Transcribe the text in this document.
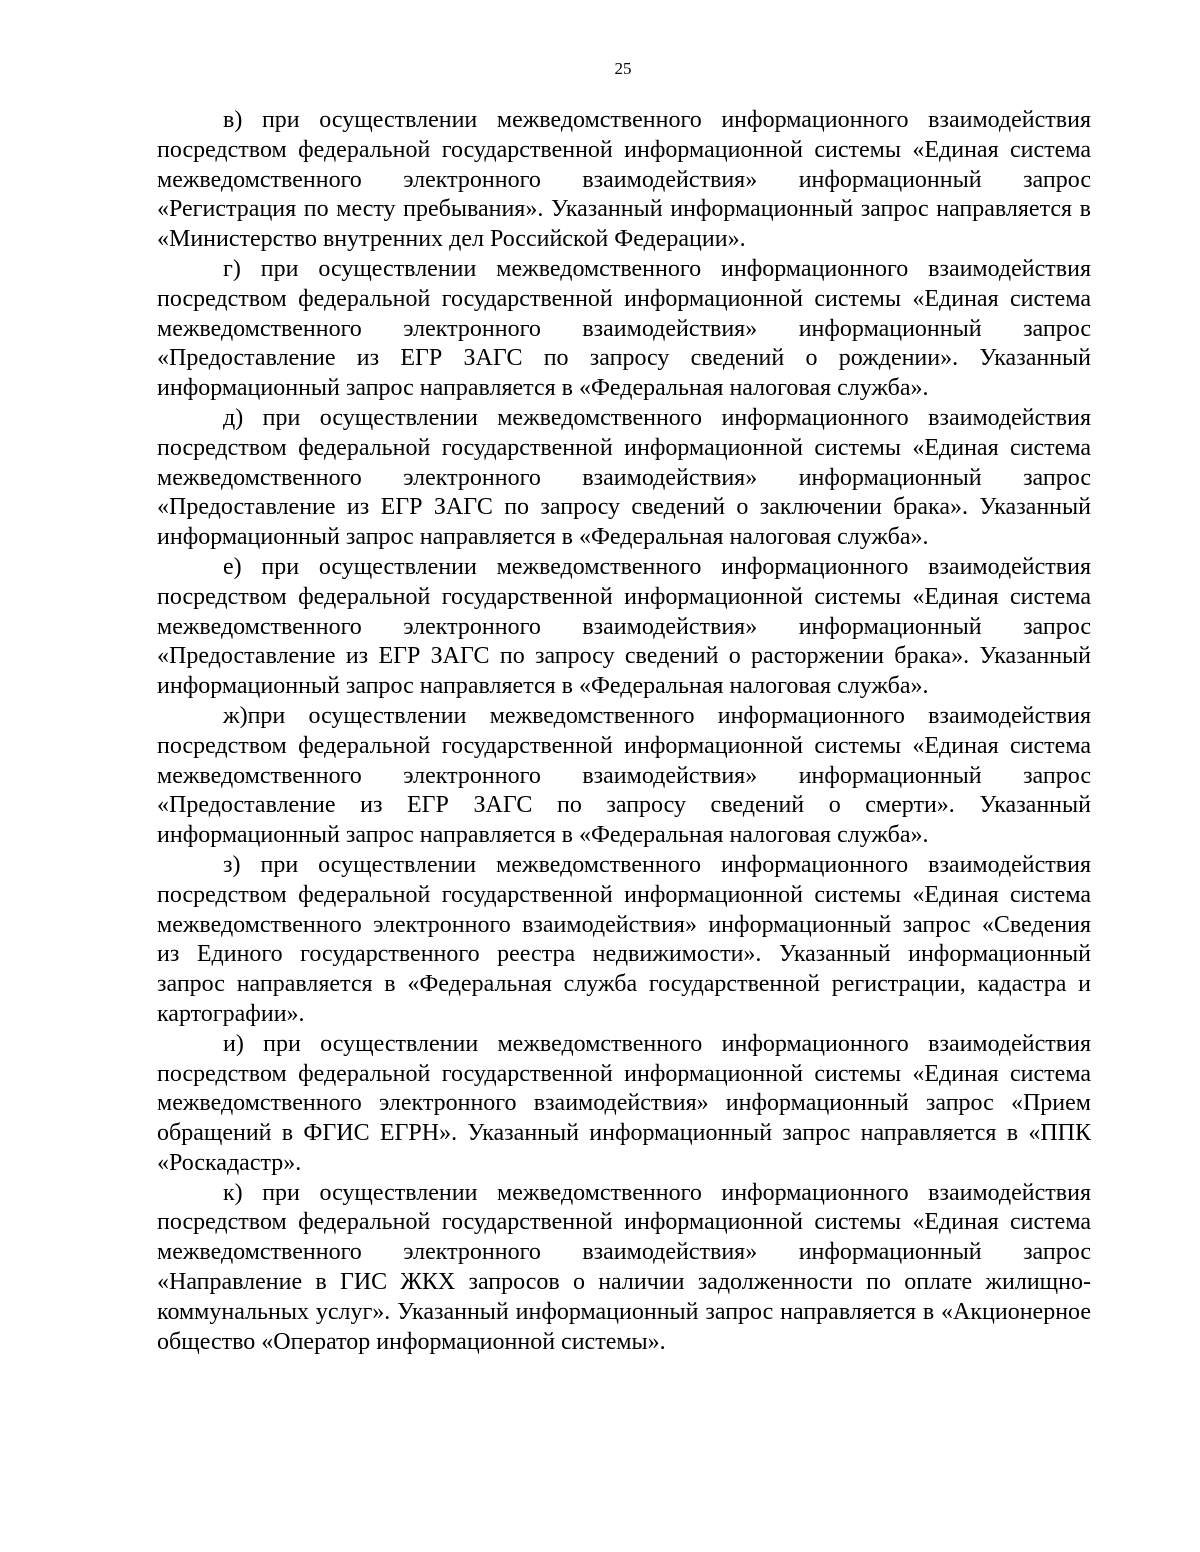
25

в) при осуществлении межведомственного информационного взаимодействия посредством федеральной государственной информационной системы «Единая система межведомственного электронного взаимодействия» информационный запрос «Регистрация по месту пребывания». Указанный информационный запрос направляется в «Министерство внутренних дел Российской Федерации».

г) при осуществлении межведомственного информационного взаимодействия посредством федеральной государственной информационной системы «Единая система межведомственного электронного взаимодействия» информационный запрос «Предоставление из ЕГР ЗАГС по запросу сведений о рождении». Указанный информационный запрос направляется в «Федеральная налоговая служба».

д) при осуществлении межведомственного информационного взаимодействия посредством федеральной государственной информационной системы «Единая система межведомственного электронного взаимодействия» информационный запрос «Предоставление из ЕГР ЗАГС по запросу сведений о заключении брака». Указанный информационный запрос направляется в «Федеральная налоговая служба».

е) при осуществлении межведомственного информационного взаимодействия посредством федеральной государственной информационной системы «Единая система межведомственного электронного взаимодействия» информационный запрос «Предоставление из ЕГР ЗАГС по запросу сведений о расторжении брака». Указанный информационный запрос направляется в «Федеральная налоговая служба».

ж)при осуществлении межведомственного информационного взаимодействия посредством федеральной государственной информационной системы «Единая система межведомственного электронного взаимодействия» информационный запрос «Предоставление из ЕГР ЗАГС по запросу сведений о смерти». Указанный информационный запрос направляется в «Федеральная налоговая служба».

з) при осуществлении межведомственного информационного взаимодействия посредством федеральной государственной информационной системы «Единая система межведомственного электронного взаимодействия» информационный запрос «Сведения из Единого государственного реестра недвижимости». Указанный информационный запрос направляется в «Федеральная служба государственной регистрации, кадастра и картографии».

и) при осуществлении межведомственного информационного взаимодействия посредством федеральной государственной информационной системы «Единая система межведомственного электронного взаимодействия» информационный запрос «Прием обращений в ФГИС ЕГРН». Указанный информационный запрос направляется в «ППК «Роскадастр».

к) при осуществлении межведомственного информационного взаимодействия посредством федеральной государственной информационной системы «Единая система межведомственного электронного взаимодействия» информационный запрос «Направление в ГИС ЖКХ запросов о наличии задолженности по оплате жилищно-коммунальных услуг». Указанный информационный запрос направляется в «Акционерное общество «Оператор информационной системы».
